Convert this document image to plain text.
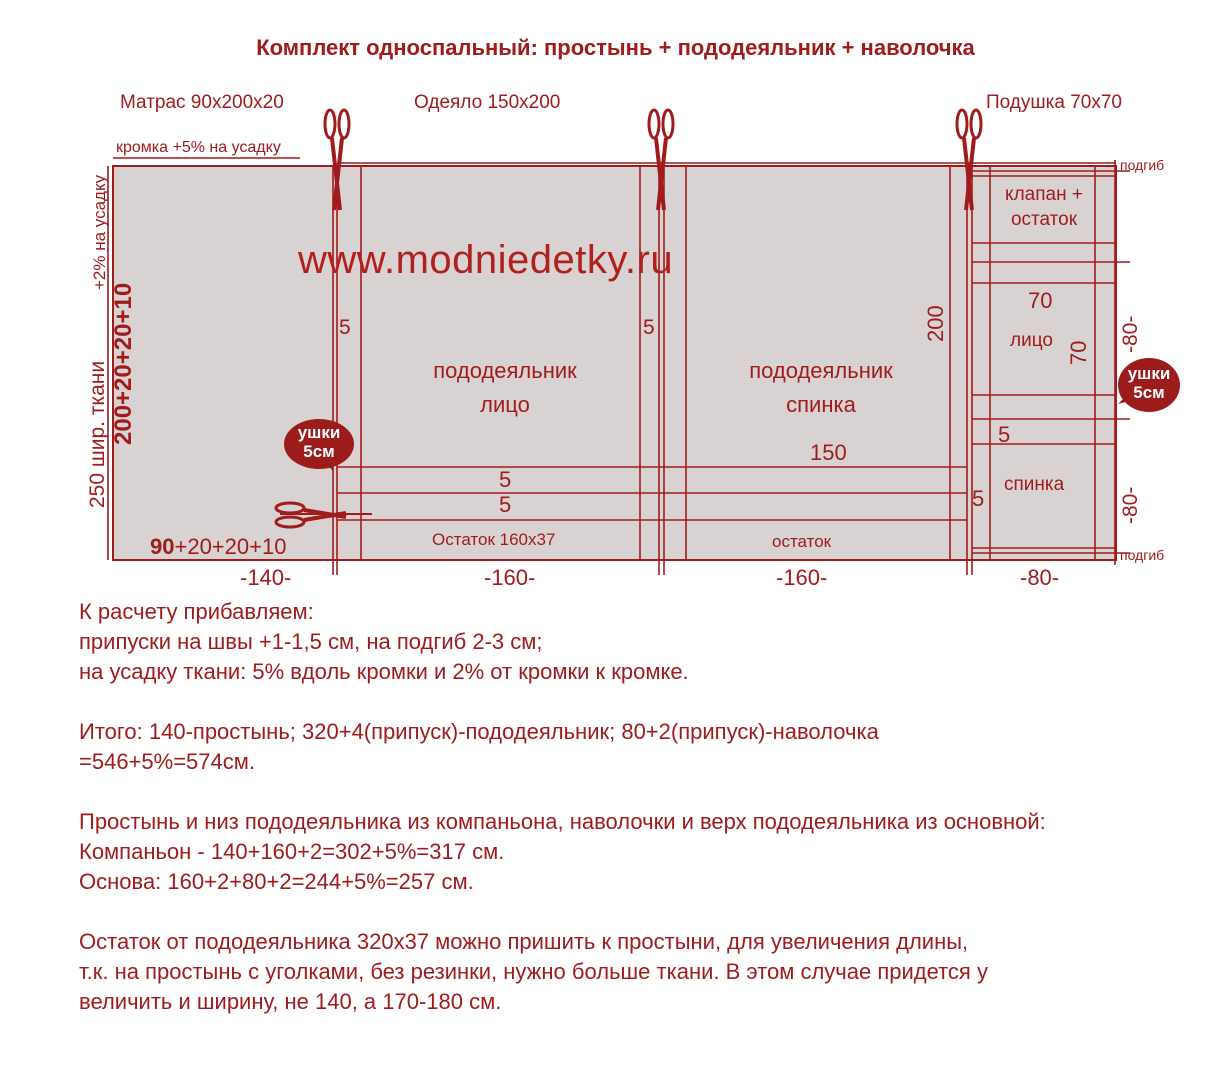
Комплект односпальный: простынь + пододеяльник + наволочка
Матрас 90х200х20	Одеяло 150х200	Подушка 70х70
кромка +5% на усадку
подгиб
подгиб
клапан +
остаток
www.modniedetky.ru
+2% на усадку
200+20+20+10
250 шир. ткани
90+20+20+10
5	5
пододеяльник
лицо
пододеяльник
спинка
200
150
5
5
Остаток 160х37	остаток
70
лицо
70
5
5
спинка
-80-
-80-
ушки
5см
ушки
5см
-140-	-160-	-160-	-80-

К расчету прибавляем:

припуски на швы +1-1,5 см, на подгиб 2-3 см;

на усадку ткани: 5% вдоль кромки и 2% от кромки к кромке.

Итого: 140-простынь; 320+4(припуск)-пододеяльник; 80+2(припуск)-наволочка

=546+5%=574см.

Простынь и низ пододеяльника из компаньона, наволочки и верх пододеяльника из основной:

Компаньон - 140+160+2=302+5%=317 см.

Основа: 160+2+80+2=244+5%=257 см.

Остаток от пододеяльника 320х37 можно пришить к простыни, для увеличения длины,

т.к. на простынь с уголками, без резинки, нужно больше ткани. В этом случае придется у

величить и ширину, не 140, а 170-180 см.
